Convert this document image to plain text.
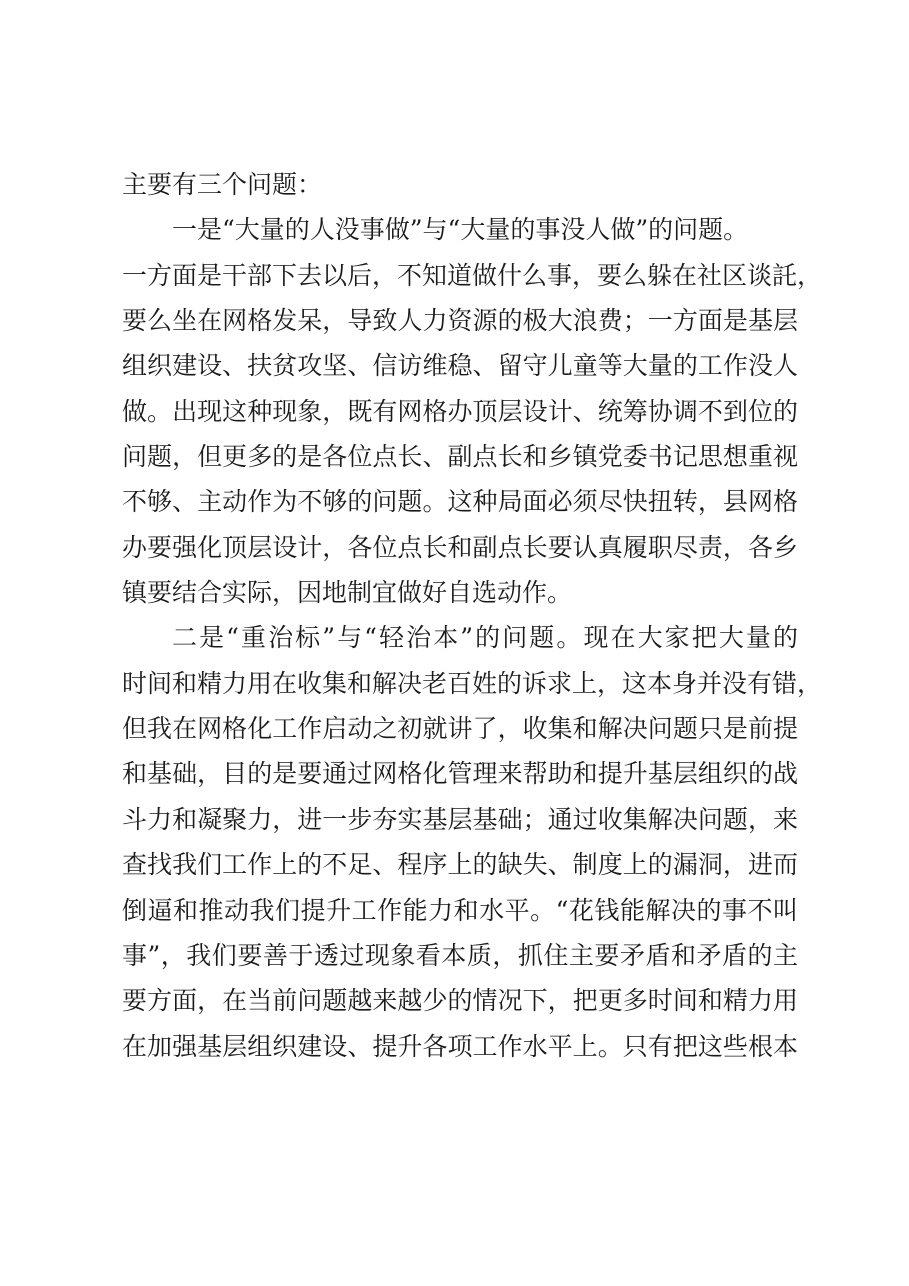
主要有三个问题：
一是“大量的人没事做”与“大量的事没人做”的问题。
一方面是干部下去以后，不知道做什么事，要么躲在社区谈託，
要么坐在网格发呆，导致人力资源的极大浪费；一方面是基层
组织建设、扶贫攻坚、信访维稳、留守儿童等大量的工作没人
做。出现这种现象，既有网格办顶层设计、统筹协调不到位的
问题，但更多的是各位点长、副点长和乡镇党委书记思想重视
不够、主动作为不够的问题。这种局面必须尽快扭转，县网格
办要强化顶层设计，各位点长和副点长要认真履职尽责，各乡
镇要结合实际，因地制宜做好自选动作。
二是“重治标”与“轻治本”的问题。现在大家把大量的
时间和精力用在收集和解决老百姓的诉求上，这本身并没有错，
但我在网格化工作启动之初就讲了，收集和解决问题只是前提
和基础，目的是要通过网格化管理来帮助和提升基层组织的战
斗力和凝聚力，进一步夯实基层基础；通过收集解决问题，来
查找我们工作上的不足、程序上的缺失、制度上的漏洞，进而
倒逼和推动我们提升工作能力和水平。“花钱能解决的事不叫
事”，我们要善于透过现象看本质，抓住主要矛盾和矛盾的主
要方面，在当前问题越来越少的情况下，把更多时间和精力用
在加强基层组织建设、提升各项工作水平上。只有把这些根本
